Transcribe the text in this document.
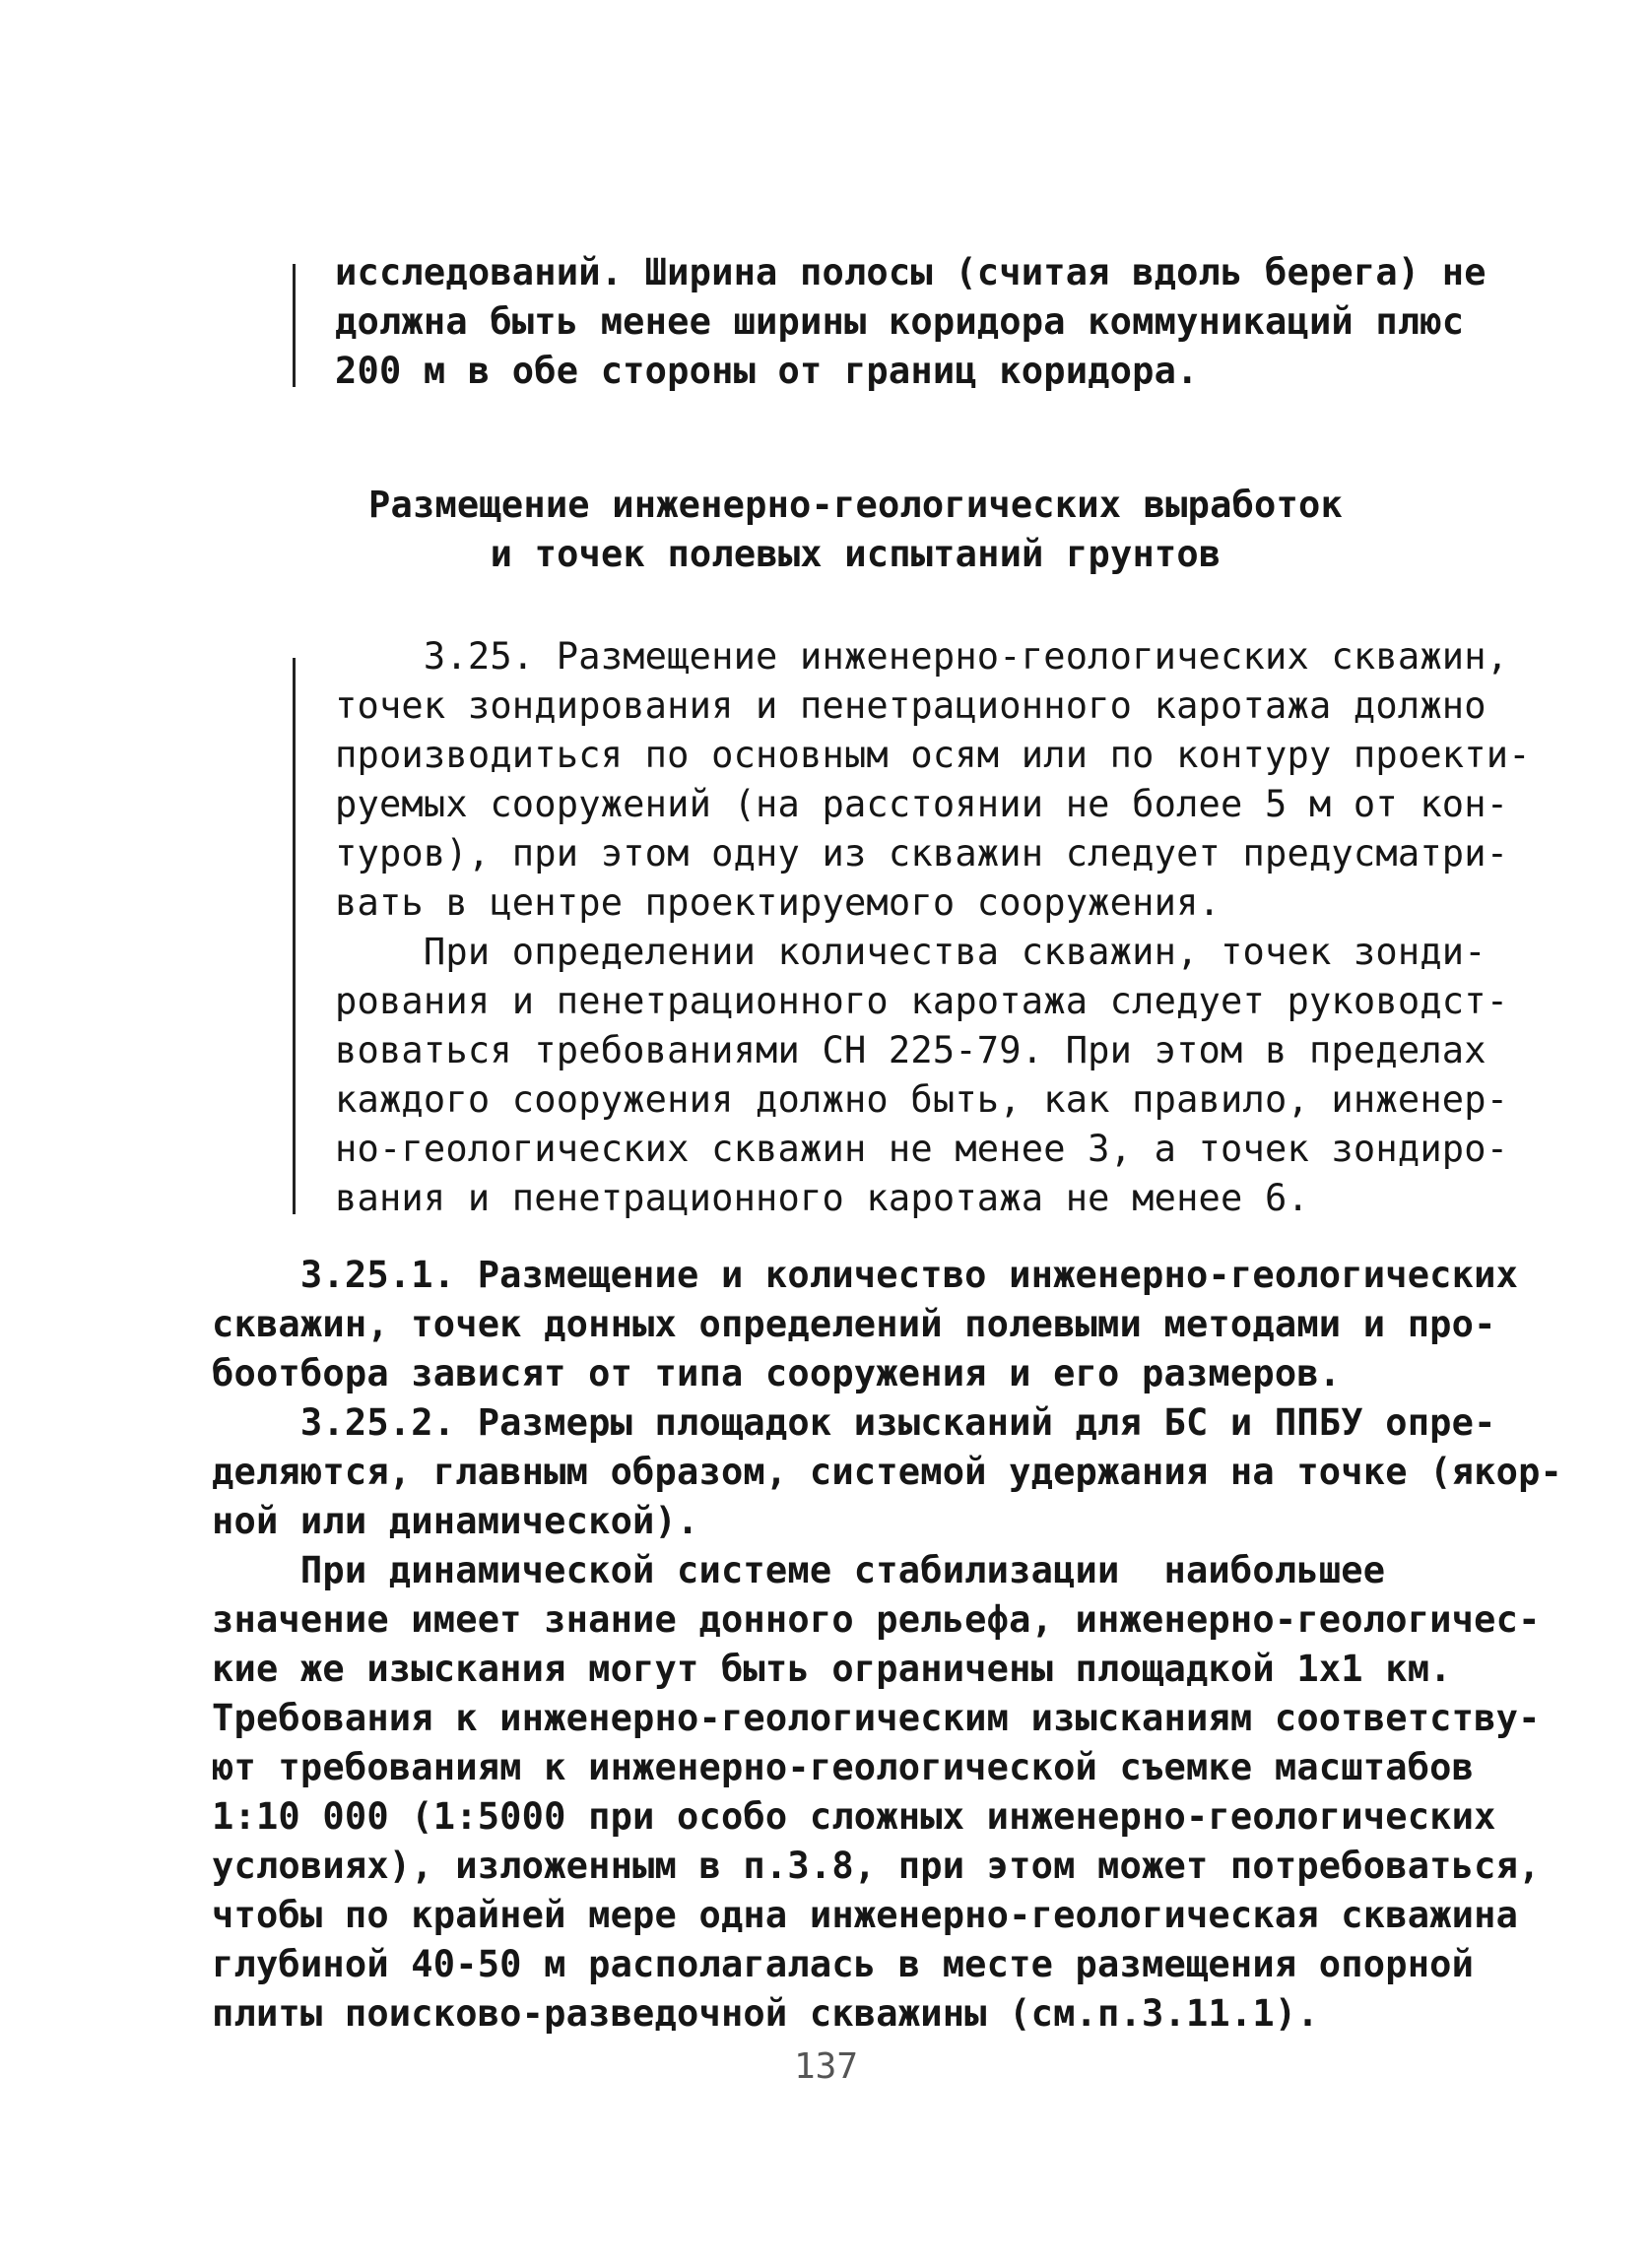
исследований. Ширина полосы (считая вдоль берега) не
должна быть менее ширины коридора коммуникаций плюс
200 м в обе стороны от границ коридора.
Размещение инженерно-геологических выработок
и точек полевых испытаний грунтов
3.25. Размещение инженерно-геологических скважин,
точек зондирования и пенетрационного каротажа должно
производиться по основным осям или по контуру проекти-
руемых сооружений (на расстоянии не более 5 м от кон-
туров), при этом одну из скважин следует предусматри-
вать в центре проектируемого сооружения.
При определении количества скважин, точек зонди-
рования и пенетрационного каротажа следует руководст-
воваться требованиями СН 225-79. При этом в пределах
каждого сооружения должно быть, как правило, инженер-
но-геологических скважин не менее 3, а точек зондиро-
вания и пенетрационного каротажа не менее 6.
3.25.1. Размещение и количество инженерно-геологических
скважин, точек донных определений полевыми методами и про-
боотбора зависят от типа сооружения и его размеров.
3.25.2. Размеры площадок изысканий для БС и ППБУ опре-
деляются, главным образом, системой удержания на точке (якор-
ной или динамической).
При динамической системе стабилизации  наибольшее
значение имеет знание донного рельефа, инженерно-геологичес-
кие же изыскания могут быть ограничены площадкой 1х1 км.
Требования к инженерно-геологическим изысканиям соответству-
ют требованиям к инженерно-геологической съемке масштабов
1:10 000 (1:5000 при особо сложных инженерно-геологических
условиях), изложенным в п.3.8, при этом может потребоваться,
чтобы по крайней мере одна инженерно-геологическая скважина
глубиной 40-50 м располагалась в месте размещения опорной
плиты поисково-разведочной скважины (см.п.3.11.1).
137
